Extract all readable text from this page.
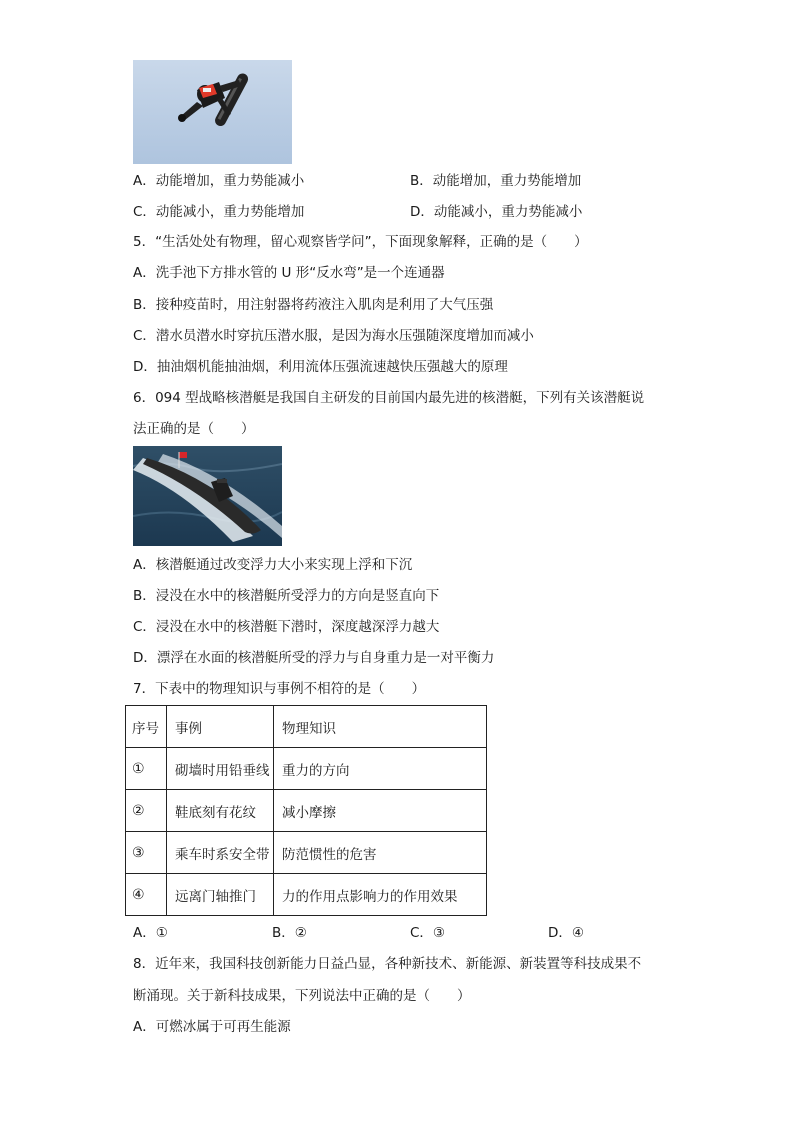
A．动能增加，重力势能减小	B．动能增加，重力势能增加
C．动能减小，重力势能增加	D．动能减小，重力势能减小
5．“生活处处有物理，留心观察皆学问”，下面现象解释，正确的是（　　）
A．洗手池下方排水管的 U 形“反水弯”是一个连通器
B．接种疫苗时，用注射器将药液注入肌肉是利用了大气压强
C．潜水员潜水时穿抗压潜水服，是因为海水压强随深度增加而减小
D．抽油烟机能抽油烟，利用流体压强流速越快压强越大的原理
6．094 型战略核潜艇是我国自主研发的目前国内最先进的核潜艇，下列有关该潜艇说
法正确的是（　　）
A．核潜艇通过改变浮力大小来实现上浮和下沉
B．浸没在水中的核潜艇所受浮力的方向是竖直向下
C．浸没在水中的核潜艇下潜时，深度越深浮力越大
D．漂浮在水面的核潜艇所受的浮力与自身重力是一对平衡力
7．下表中的物理知识与事例不相符的是（　　）
序号	事例	物理知识
①	砌墙时用铅垂线	重力的方向
②	鞋底刻有花纹	减小摩擦
③	乘车时系安全带	防范惯性的危害
④	远离门轴推门	力的作用点影响力的作用效果
A．①	B．②	C．③	D．④
8．近年来，我国科技创新能力日益凸显，各种新技术、新能源、新装置等科技成果不
断涌现。关于新科技成果，下列说法中正确的是（　　）
A．可燃冰属于可再生能源
